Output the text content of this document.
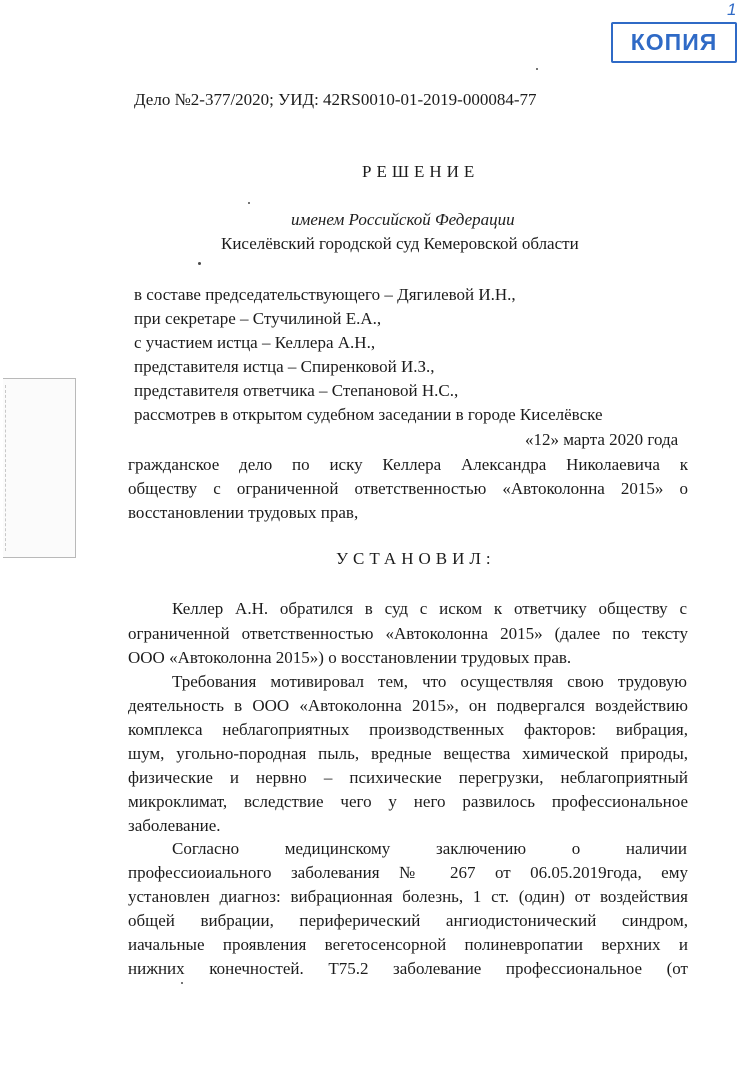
1
КОПИЯ
Дело №2-377/2020; УИД: 42RS0010-01-2019-000084-77
РЕШЕНИЕ
именем Российской Федерации
Киселёвский городской суд Кемеровской области
в составе председательствующего – Дягилевой И.Н.,
при секретаре – Стучилиной Е.А.,
с участием истца – Келлера А.Н.,
представителя истца – Спиренковой И.З.,
представителя ответчика – Степановой Н.С.,
рассмотрев в открытом судебном заседании в городе Киселёвске
«12» марта 2020 года
гражданское дело по иску Келлера Александра Николаевича к
обществу с ограниченной ответственностью «Автоколонна 2015» о
восстановлении трудовых прав,
УСТАНОВИЛ:
Келлер А.Н. обратился в суд с иском к ответчику обществу с
ограниченной ответственностью «Автоколонна 2015» (далее по тексту
ООО «Автоколонна 2015») о восстановлении трудовых прав.
Требования мотивировал тем, что осуществляя свою трудовую
деятельность в ООО «Автоколонна 2015», он подвергался воздействию
комплекса неблагоприятных производственных факторов: вибрация,
шум, угольно-породная пыль, вредные вещества химической природы,
физические и нервно – психические перегрузки, неблагоприятный
микроклимат, вследствие чего у него развилось профессиональное
заболевание.
Согласно медицинскому заключению о наличии
профессиоиального заболевания № 267 от 06.05.2019года, ему
установлен диагноз: вибрационная болезнь, 1 ст. (один) от воздействия
общей вибрации, периферический ангиодистонический синдром,
иачальные проявления вегетосенсорной полиневропатии верхних и
нижних конечностей. Т75.2 заболевание профессиональное (от
